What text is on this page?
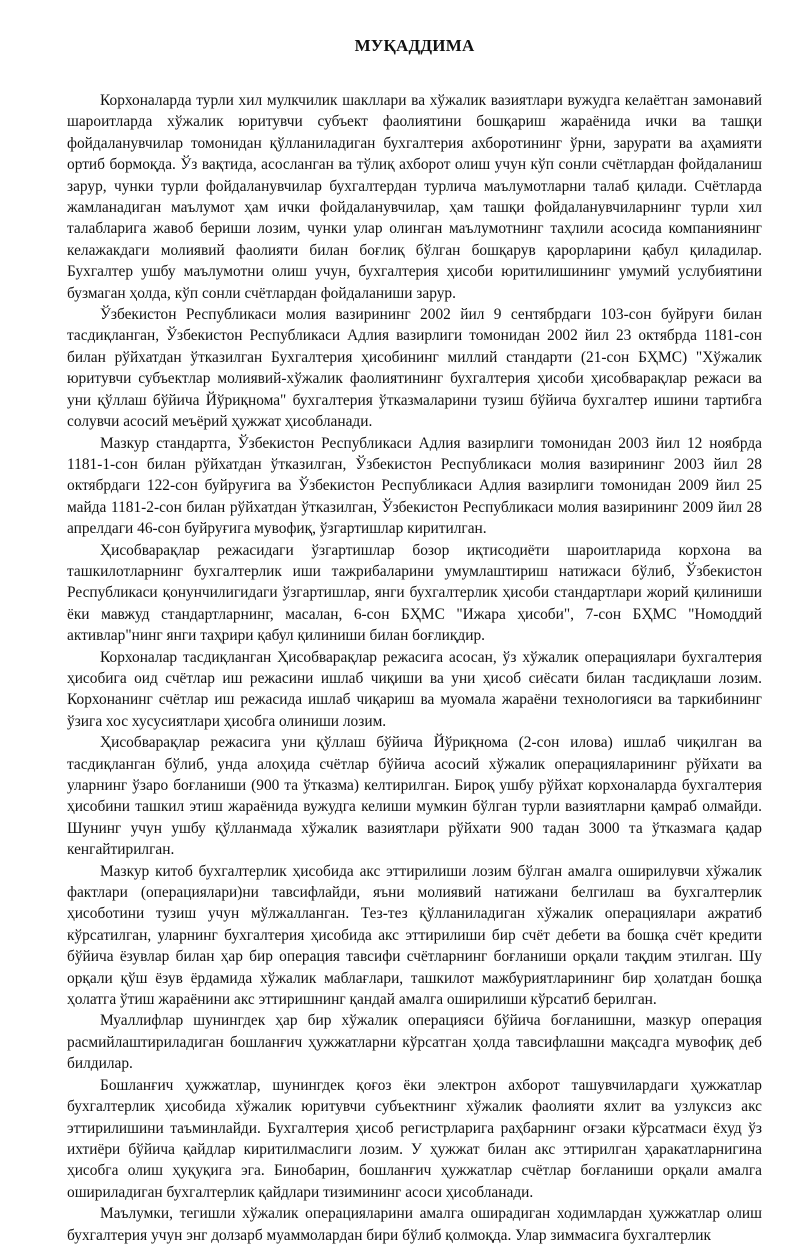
МУҚАДДИМА

Корхоналарда турли хил мулкчилик шакллари ва хўжалик вазиятлари вужудга келаётган замонавий шароитларда хўжалик юритувчи субъект фаолиятини бошқариш жараёнида ички ва ташқи фойдаланувчилар томонидан қўлланиладиган бухгалтерия ахборотининг ўрни, зарурати ва аҳамияти ортиб бормоқда. Ўз вақтида, асосланган ва тўлиқ ахборот олиш учун кўп сонли счётлардан фойдаланиш зарур, чунки турли фойдаланувчилар бухгалтердан турлича маълумотларни талаб қилади. Счётларда жамланадиган маълумот ҳам ички фойдаланувчилар, ҳам ташқи фойдаланувчиларнинг турли хил талабларига жавоб бериши лозим, чунки улар олинган маълумотнинг таҳлили асосида компаниянинг келажакдаги молиявий фаолияти билан боғлиқ бўлган бошқарув қарорларини қабул қиладилар. Бухгалтер ушбу маълумотни олиш учун, бухгалтерия ҳисоби юритилишининг умумий услубиятини бузмаган ҳолда, кўп сонли счётлардан фойдаланиши зарур.

Ўзбекистон Республикаси молия вазирининг 2002 йил 9 сентябрдаги 103-сон буйруғи билан тасдиқланган, Ўзбекистон Республикаси Адлия вазирлиги томонидан 2002 йил 23 октябрда 1181-сон билан рўйхатдан ўтказилган Бухгалтерия ҳисобининг миллий стандарти (21-сон БҲМС) "Хўжалик юритувчи субъектлар молиявий-хўжалик фаолиятининг бухгалтерия ҳисоби ҳисобварақлар режаси ва уни қўллаш бўйича Йўриқнома" бухгалтерия ўтказмаларини тузиш бўйича бухгалтер ишини тартибга солувчи асосий меъёрий ҳужжат ҳисобланади.

Мазкур стандартга, Ўзбекистон Республикаси Адлия вазирлиги томонидан 2003 йил 12 ноябрда 1181-1-сон билан рўйхатдан ўтказилган, Ўзбекистон Республикаси молия вазирининг 2003 йил 28 октябрдаги 122-сон буйруғига ва Ўзбекистон Республикаси Адлия вазирлиги томонидан 2009 йил 25 майда 1181-2-сон билан рўйхатдан ўтказилган, Ўзбекистон Республикаси молия вазирининг 2009 йил 28 апрелдаги 46-сон буйруғига мувофиқ, ўзгартишлар киритилган.

Ҳисобварақлар режасидаги ўзгартишлар бозор иқтисодиёти шароитларида корхона ва ташкилотларнинг бухгалтерлик иши тажрибаларини умумлаштириш натижаси бўлиб, Ўзбекистон Республикаси қонунчилигидаги ўзгартишлар, янги бухгалтерлик ҳисоби стандартлари жорий қилиниши ёки мавжуд стандартларнинг, масалан, 6-сон БҲМС "Ижара ҳисоби", 7-сон БҲМС "Номоддий активлар"нинг янги таҳрири қабул қилиниши билан боғлиқдир.

Корхоналар тасдиқланган Ҳисобварақлар режасига асосан, ўз хўжалик операциялари бухгалтерия ҳисобига оид счётлар иш режасини ишлаб чиқиши ва уни ҳисоб сиёсати билан тасдиқлаши лозим. Корхонанинг счётлар иш режасида ишлаб чиқариш ва муомала жараёни технологияси ва таркибининг ўзига хос хусусиятлари ҳисобга олиниши лозим.

Ҳисобварақлар режасига уни қўллаш бўйича Йўриқнома (2-сон илова) ишлаб чиқилган ва тасдиқланган бўлиб, унда алоҳида счётлар бўйича асосий хўжалик операцияларининг рўйхати ва уларнинг ўзаро боғланиши (900 та ўтказма) келтирилган. Бироқ ушбу рўйхат корхоналарда бухгалтерия ҳисобини ташкил этиш жараёнида вужудга келиши мумкин бўлган турли вазиятларни қамраб олмайди. Шунинг учун ушбу қўлланмада хўжалик вазиятлари рўйхати 900 тадан 3000 та ўтказмага қадар кенгайтирилган.

Мазкур китоб бухгалтерлик ҳисобида акс эттирилиши лозим бўлган амалга оширилувчи хўжалик фактлари (операциялари)ни тавсифлайди, яъни молиявий натижани белгилаш ва бухгалтерлик ҳисоботини тузиш учун мўлжалланган. Тез-тез қўлланиладиган хўжалик операциялари ажратиб кўрсатилган, уларнинг бухгалтерия ҳисобида акс эттирилиши бир счёт дебети ва бошқа счёт кредити бўйича ёзувлар билан ҳар бир операция тавсифи счётларнинг боғланиши орқали тақдим этилган. Шу орқали қўш ёзув ёрдамида хўжалик маблағлари, ташкилот мажбуриятларининг бир ҳолатдан бошқа ҳолатга ўтиш жараёнини акс эттиришнинг қандай амалга оширилиши кўрсатиб берилган.

Муаллифлар шунингдек ҳар бир хўжалик операцияси бўйича боғланишни, мазкур операция расмийлаштириладиган бошланғич ҳужжатларни кўрсатган ҳолда тавсифлашни мақсадга мувофиқ деб билдилар.

Бошланғич ҳужжатлар, шунингдек қоғоз ёки электрон ахборот ташувчилардаги ҳужжатлар бухгалтерлик ҳисобида хўжалик юритувчи субъектнинг хўжалик фаолияти яхлит ва узлуксиз акс эттирилишини таъминлайди. Бухгалтерия ҳисоб регистрларига раҳбарнинг оғзаки кўрсатмаси ёхуд ўз ихтиёри бўйича қайдлар киритилмаслиги лозим. У ҳужжат билан акс эттирилган ҳаракатларнигина ҳисобга олиш ҳуқуқига эга. Бинобарин, бошланғич ҳужжатлар счётлар боғланиши орқали амалга ошириладиган бухгалтерлик қайдлари тизимининг асоси ҳисобланади.

Маълумки, тегишли хўжалик операцияларини амалга оширадиган ходимлардан ҳужжатлар олиш бухгалтерия учун энг долзарб муаммолардан бири бўлиб қолмоқда. Улар зиммасига бухгалтерлик
